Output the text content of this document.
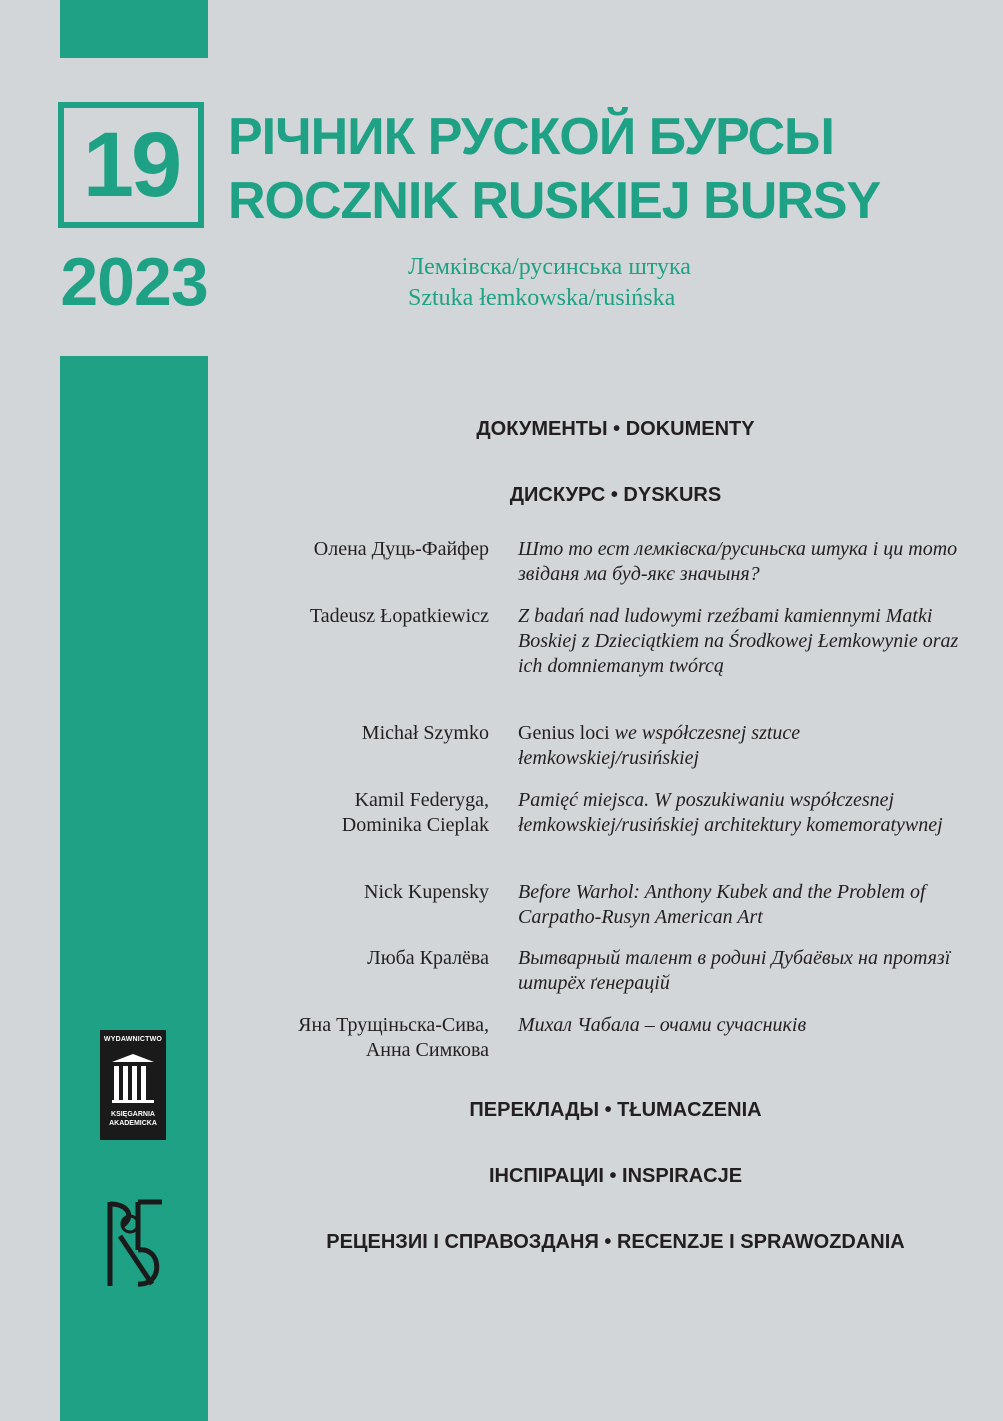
19
2023
РІЧНИК РУСКОЙ БУРСЫ
ROCZNIK RUSKIEJ BURSY
Лемківска/русинська штука
Sztuka łemkowska/rusińska
ДОКУМЕНТЫ • DOKUMENTY
ДИСКУРС • DYSKURS
Олена Дуць-Файфер Што то ест лемківска/русиньска штука і ци тото звіданя ма буд-якє значыня?
Tadeusz Łopatkiewicz Z badań nad ludowymi rzeźbami kamiennymi Matki Boskiej z Dzieciątkiem na Środkowej Łemkowynie oraz ich domniemanym twórcą
Michał Szymko Genius loci we współczesnej sztuce łemkowskiej/rusińskiej
Kamil Federyga,
Dominika Cieplak
Pamięć miejsca. W poszukiwaniu współczesnej łemkowskiej/rusińskiej architektury komemoratywnej
Nick Kupensky Before Warhol: Anthony Kubek and the Problem of Carpatho-Rusyn American Art
Люба Кралёва Вытварный талент в родині Дубаёвых на протязї штирёх ґенерацій
Яна Трущіньска-Сива,
Анна Симкова
Михал Чабала – очами сучасників
ПЕРЕКЛАДЫ • TŁUMACZENIA
ІНСПІРАЦИІ • INSPIRACJE
РЕЦЕНЗИІ І СПРАВОЗДАНЯ • RECENZJE I SPRAWOZDANIA
WYDAWNICTWO
KSIĘGARNIA
AKADEMICKA
